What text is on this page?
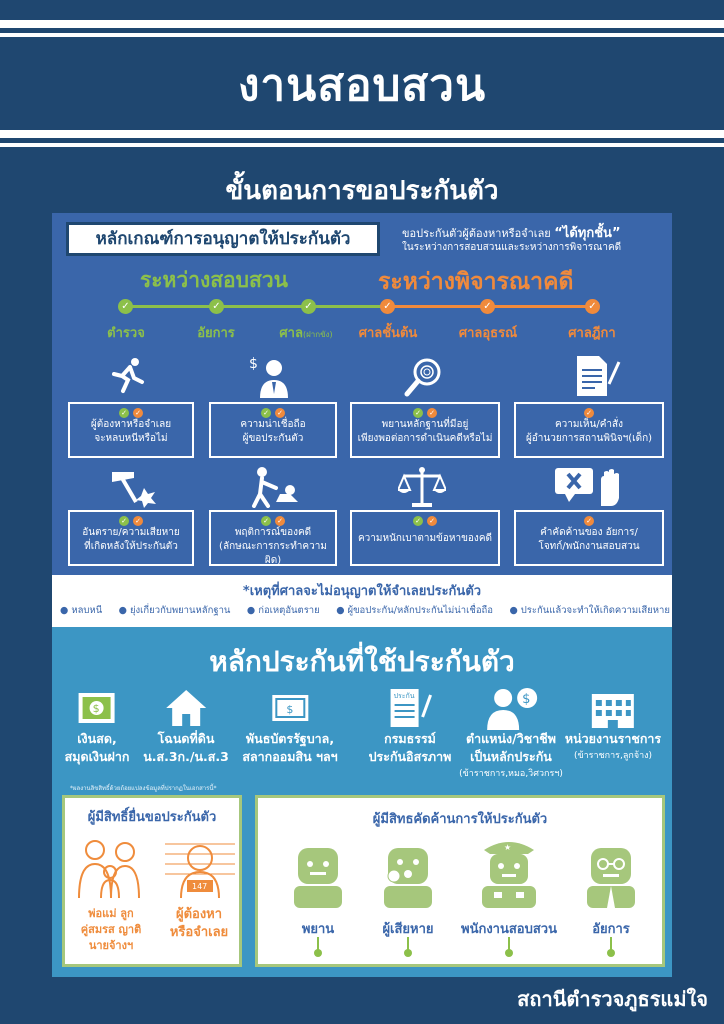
งานสอบสวน
ขั้นตอนการขอประกันตัว
หลักเกณฑ์การอนุญาตให้ประกันตัว	ขอประกันตัวผู้ต้องหาหรือจำเลย “ได้ทุกชั้น”
ในระหว่างการสอบสวนและระหว่างการพิจารณาคดี
ระหว่างสอบสวน	ระหว่างพิจารณาคดี
✓	✓	✓	✓	✓	✓
ตำรวจ	อัยการ	ศาล(ฝากขัง) ศาลชั้นต้น	ศาลอุธรณ์	ศาลฎีกา
$
✓ ✓
ผู้ต้องหาหรือจำเลย
จะหลบหนีหรือไม่
✓ ✓
ความน่าเชื่อถือ
ผู้ขอประกันตัว
✓ ✓
พยานหลักฐานที่มีอยู่
เพียงพอต่อการดำเนินคดีหรือไม่
✓
ความเห็น/คำสั่ง
ผู้อำนวยการสถานพินิจฯ(เด็ก)
✓ ✓
อันตราย/ความเสียหาย
ที่เกิดหลังให้ประกันตัว
✓ ✓
พฤติการณ์ของคดี
(ลักษณะการกระทำความผิด)
✓ ✓
ความหนักเบาตามข้อหาของคดี
✓
คำคัดค้านของ อัยการ/
โจทก์/พนักงานสอบสวน
*เหตุที่ศาลจะไม่อนุญาตให้จำเลยประกันตัว
● หลบหนี	● ยุ่งเกี่ยวกับพยานหลักฐาน	● ก่อเหตุอันตราย	● ผู้ขอประกัน/หลักประกันไม่น่าเชื่อถือ	● ประกันแล้วจะทำให้เกิดความเสียหาย
หลักประกันที่ใช้ประกันตัว
$
เงินสด,
สมุดเงินฝาก
โฉนดที่ดิน
น.ส.3ก./น.ส.3
$
พันธบัตรรัฐบาล,
สลากออมสิน ฯลฯ
ประกัน
กรมธรรม์
ประกันอิสรภาพ
$
ตำแหน่ง/วิชาชีพ
เป็นหลักประกัน
(ข้าราชการ,หมอ,วิศวกรฯ)
หน่วยงานราชการ
(ข้าราชการ,ลูกจ้าง)
*ผลงานลิขสิทธิ์ด้วยถ้อยแปลงข้อมูลที่ปรากฏในเอกสารนี้*
ผู้มีสิทธิ์ยื่นขอประกันตัว
147
พ่อแม่ ลูก
คู่สมรส ญาติ
นายจ้างฯ
ผู้ต้องหา
หรือจำเลย
ผู้มีสิทธคัดค้านการให้ประกันตัว
★
พยาน	ผู้เสียหาย	พนักงานสอบสวน	อัยการ
สถานีตำรวจภูธรแม่ใจ
